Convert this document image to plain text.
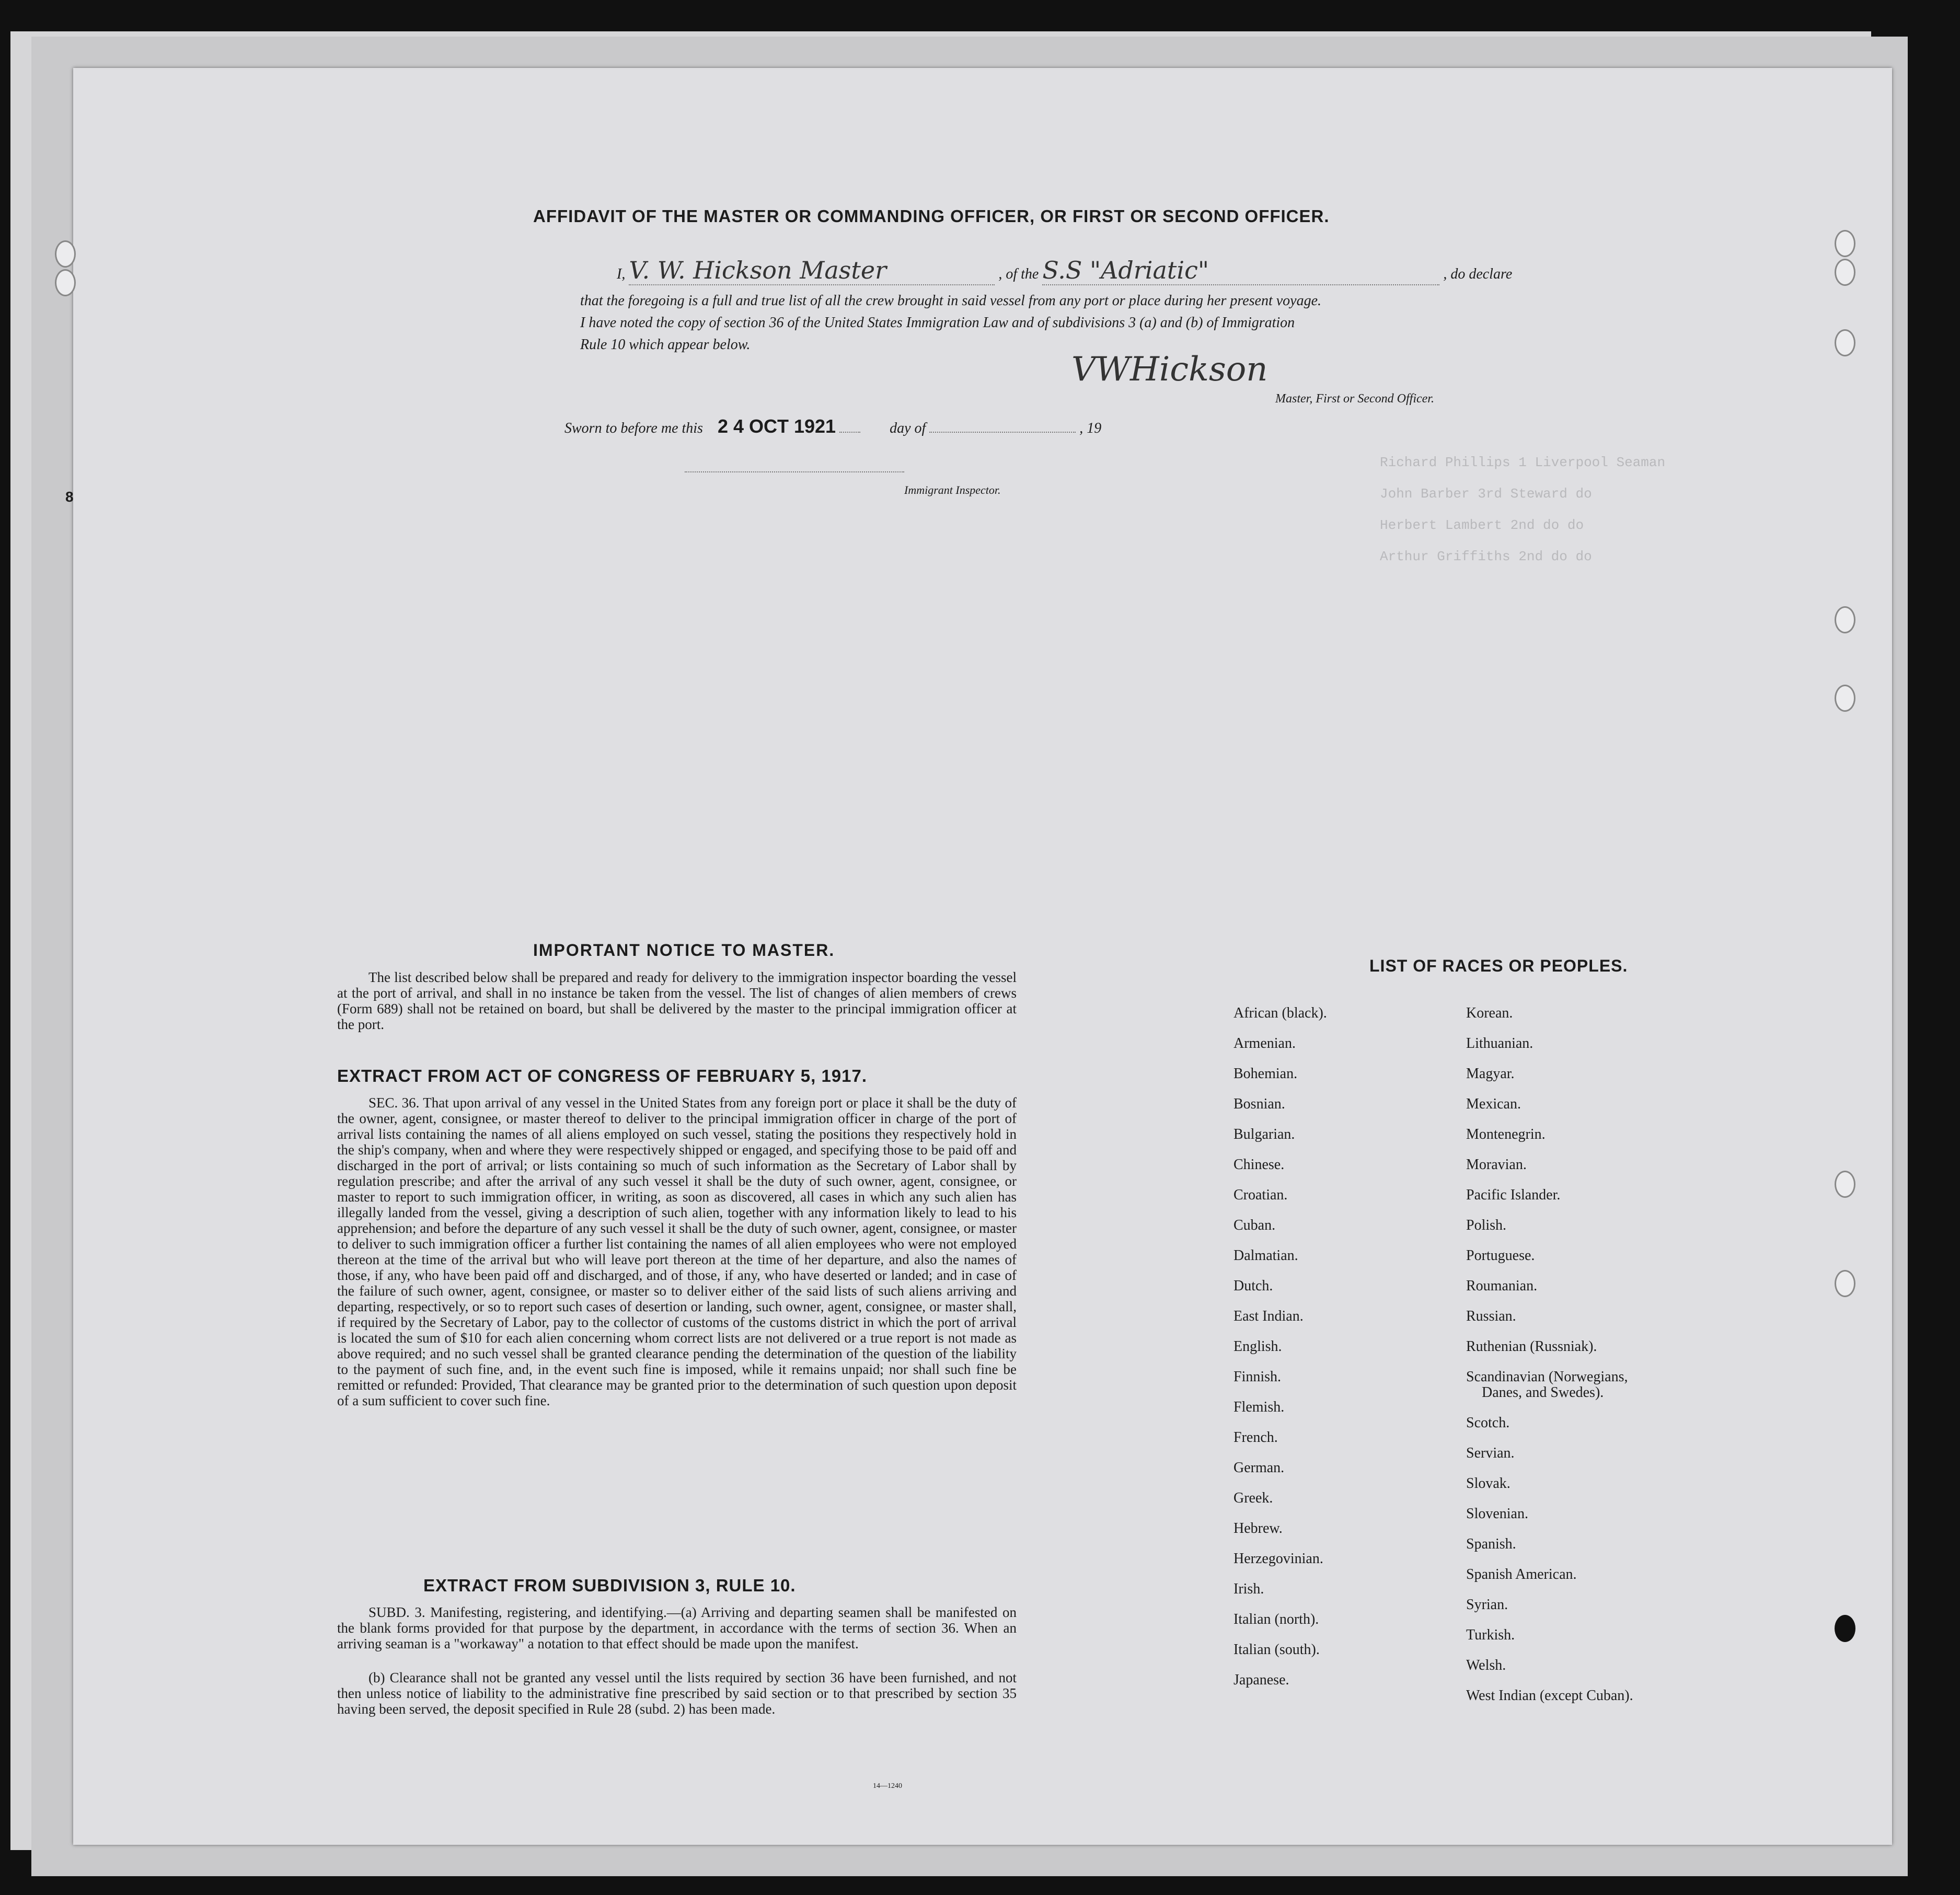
Richard Phillips 1 Liverpool Seaman
John Barber 3rd Steward do
Herbert Lambert 2nd do do
Arthur Griffiths 2nd do do
AFFIDAVIT OF THE MASTER OR COMMANDING OFFICER, OR FIRST OR SECOND OFFICER.
I, V. W. Hickson Master	, of the S.S "Adriatic"	, do declare
that the foregoing is a full and true list of all the crew brought in said vessel from any port or place during her present voyage.
I have noted the copy of section 36 of the United States Immigration Law and of subdivisions 3 (a) and (b) of Immigration
Rule 10 which appear below.
VWHickson
Master, First or Second Officer.
Sworn to before me this 2 4 OCT 1921	day of	, 19
Immigrant Inspector.
IMPORTANT NOTICE TO MASTER.
The list described below shall be prepared and ready for delivery to the immigration inspector boarding the vessel at the port of arrival, and shall in no instance be taken from the vessel. The list of changes of alien members of crews (Form 689) shall not be retained on board, but shall be delivered by the master to the principal immigration officer at the port.
EXTRACT FROM ACT OF CONGRESS OF FEBRUARY 5, 1917.
SEC. 36. That upon arrival of any vessel in the United States from any foreign port or place it shall be the duty of the owner, agent, consignee, or master thereof to deliver to the principal immigration officer in charge of the port of arrival lists containing the names of all aliens employed on such vessel, stating the positions they respectively hold in the ship's company, when and where they were respectively shipped or engaged, and specifying those to be paid off and discharged in the port of arrival; or lists containing so much of such information as the Secretary of Labor shall by regulation prescribe; and after the arrival of any such vessel it shall be the duty of such owner, agent, consignee, or master to report to such immigration officer, in writing, as soon as discovered, all cases in which any such alien has illegally landed from the vessel, giving a description of such alien, together with any information likely to lead to his apprehension; and before the departure of any such vessel it shall be the duty of such owner, agent, consignee, or master to deliver to such immigration officer a further list containing the names of all alien employees who were not employed thereon at the time of the arrival but who will leave port thereon at the time of her departure, and also the names of those, if any, who have been paid off and discharged, and of those, if any, who have deserted or landed; and in case of the failure of such owner, agent, consignee, or master so to deliver either of the said lists of such aliens arriving and departing, respectively, or so to report such cases of desertion or landing, such owner, agent, consignee, or master shall, if required by the Secretary of Labor, pay to the collector of customs of the customs district in which the port of arrival is located the sum of $10 for each alien concerning whom correct lists are not delivered or a true report is not made as above required; and no such vessel shall be granted clearance pending the determination of the question of the liability to the payment of such fine, and, in the event such fine is imposed, while it remains unpaid; nor shall such fine be remitted or refunded: Provided, That clearance may be granted prior to the determination of such question upon deposit of a sum sufficient to cover such fine.
EXTRACT FROM SUBDIVISION 3, RULE 10.
SUBD. 3. Manifesting, registering, and identifying.—(a) Arriving and departing seamen shall be manifested on the blank forms provided for that purpose by the department, in accordance with the terms of section 36. When an arriving seaman is a "workaway" a notation to that effect should be made upon the manifest.
(b) Clearance shall not be granted any vessel until the lists required by section 36 have been furnished, and not then unless notice of liability to the administrative fine prescribed by said section or to that prescribed by section 35 having been served, the deposit specified in Rule 28 (subd. 2) has been made.
14—1240
LIST OF RACES OR PEOPLES.
African (black).
Armenian.
Bohemian.
Bosnian.
Bulgarian.
Chinese.
Croatian.
Cuban.
Dalmatian.
Dutch.
East Indian.
English.
Finnish.
Flemish.
French.
German.
Greek.
Hebrew.
Herzegovinian.
Irish.
Italian (north).
Italian (south).
Japanese.
Korean.
Lithuanian.
Magyar.
Mexican.
Montenegrin.
Moravian.
Pacific Islander.
Polish.
Portuguese.
Roumanian.
Russian.
Ruthenian (Russniak).
Scandinavian (Norwegians,
Danes, and Swedes).
Scotch.
Servian.
Slovak.
Slovenian.
Spanish.
Spanish American.
Syrian.
Turkish.
Welsh.
West Indian (except Cuban).
8
